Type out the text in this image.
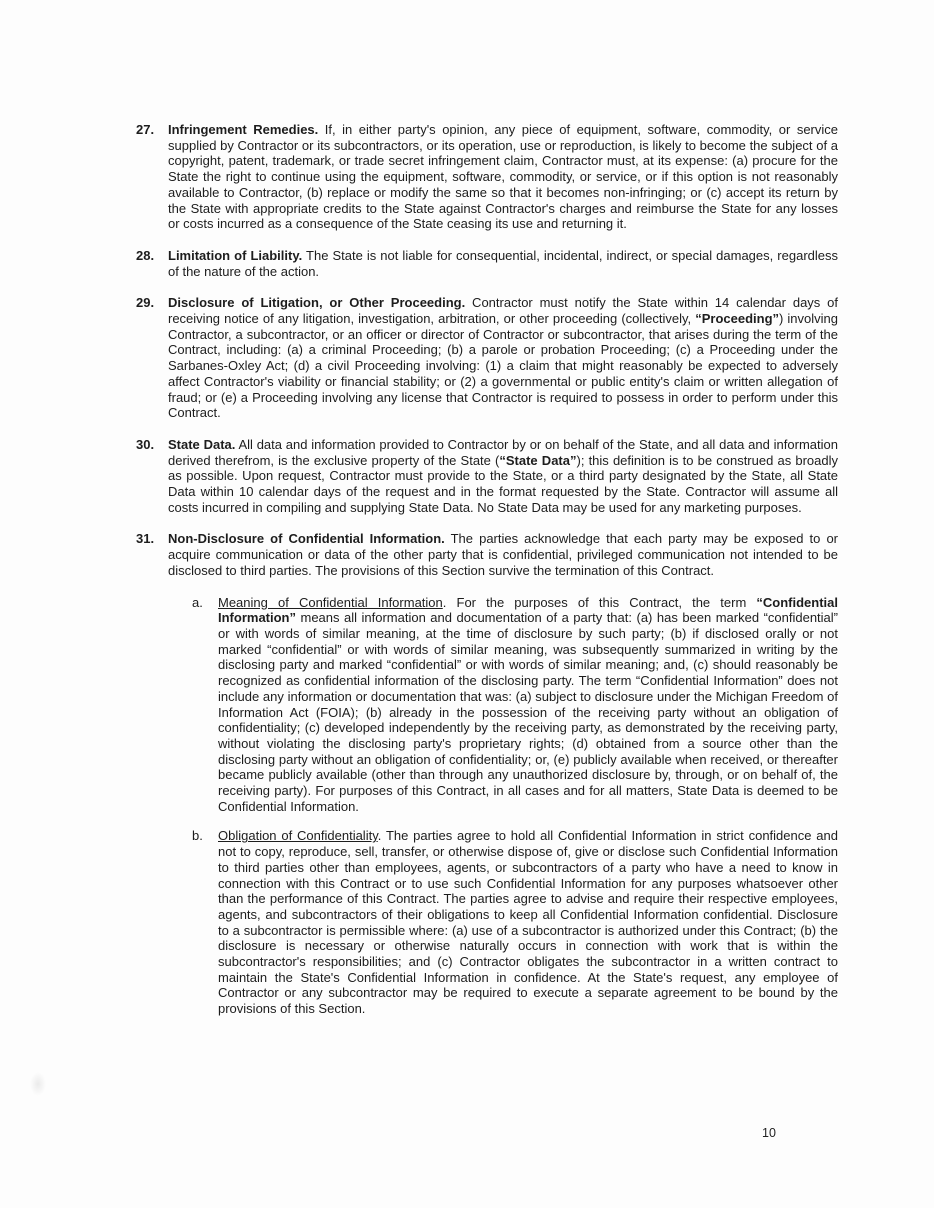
27.	Infringement Remedies. If, in either party's opinion, any piece of equipment, software, commodity, or service supplied by Contractor or its subcontractors, or its operation, use or reproduction, is likely to become the subject of a copyright, patent, trademark, or trade secret infringement claim, Contractor must, at its expense: (a) procure for the State the right to continue using the equipment, software, commodity, or service, or if this option is not reasonably available to Contractor, (b) replace or modify the same so that it becomes non-infringing; or (c) accept its return by the State with appropriate credits to the State against Contractor's charges and reimburse the State for any losses or costs incurred as a consequence of the State ceasing its use and returning it.
28.	Limitation of Liability. The State is not liable for consequential, incidental, indirect, or special damages, regardless of the nature of the action.
29.	Disclosure of Litigation, or Other Proceeding. Contractor must notify the State within 14 calendar days of receiving notice of any litigation, investigation, arbitration, or other proceeding (collectively, “Proceeding”) involving Contractor, a subcontractor, or an officer or director of Contractor or subcontractor, that arises during the term of the Contract, including: (a) a criminal Proceeding; (b) a parole or probation Proceeding; (c) a Proceeding under the Sarbanes-Oxley Act; (d) a civil Proceeding involving: (1) a claim that might reasonably be expected to adversely affect Contractor's viability or financial stability; or (2) a governmental or public entity's claim or written allegation of fraud; or (e) a Proceeding involving any license that Contractor is required to possess in order to perform under this Contract.
30.	State Data. All data and information provided to Contractor by or on behalf of the State, and all data and information derived therefrom, is the exclusive property of the State (“State Data”); this definition is to be construed as broadly as possible. Upon request, Contractor must provide to the State, or a third party designated by the State, all State Data within 10 calendar days of the request and in the format requested by the State. Contractor will assume all costs incurred in compiling and supplying State Data. No State Data may be used for any marketing purposes.
31.	Non-Disclosure of Confidential Information. The parties acknowledge that each party may be exposed to or acquire communication or data of the other party that is confidential, privileged communication not intended to be disclosed to third parties. The provisions of this Section survive the termination of this Contract.
a.	Meaning of Confidential Information. For the purposes of this Contract, the term “Confidential Information” means all information and documentation of a party that: (a) has been marked “confidential” or with words of similar meaning, at the time of disclosure by such party; (b) if disclosed orally or not marked “confidential” or with words of similar meaning, was subsequently summarized in writing by the disclosing party and marked “confidential” or with words of similar meaning; and, (c) should reasonably be recognized as confidential information of the disclosing party. The term “Confidential Information” does not include any information or documentation that was: (a) subject to disclosure under the Michigan Freedom of Information Act (FOIA); (b) already in the possession of the receiving party without an obligation of confidentiality; (c) developed independently by the receiving party, as demonstrated by the receiving party, without violating the disclosing party's proprietary rights; (d) obtained from a source other than the disclosing party without an obligation of confidentiality; or, (e) publicly available when received, or thereafter became publicly available (other than through any unauthorized disclosure by, through, or on behalf of, the receiving party). For purposes of this Contract, in all cases and for all matters, State Data is deemed to be Confidential Information.
b.	Obligation of Confidentiality. The parties agree to hold all Confidential Information in strict confidence and not to copy, reproduce, sell, transfer, or otherwise dispose of, give or disclose such Confidential Information to third parties other than employees, agents, or subcontractors of a party who have a need to know in connection with this Contract or to use such Confidential Information for any purposes whatsoever other than the performance of this Contract. The parties agree to advise and require their respective employees, agents, and subcontractors of their obligations to keep all Confidential Information confidential. Disclosure to a subcontractor is permissible where: (a) use of a subcontractor is authorized under this Contract; (b) the disclosure is necessary or otherwise naturally occurs in connection with work that is within the subcontractor's responsibilities; and (c) Contractor obligates the subcontractor in a written contract to maintain the State's Confidential Information in confidence. At the State's request, any employee of Contractor or any subcontractor may be required to execute a separate agreement to be bound by the provisions of this Section.
10
